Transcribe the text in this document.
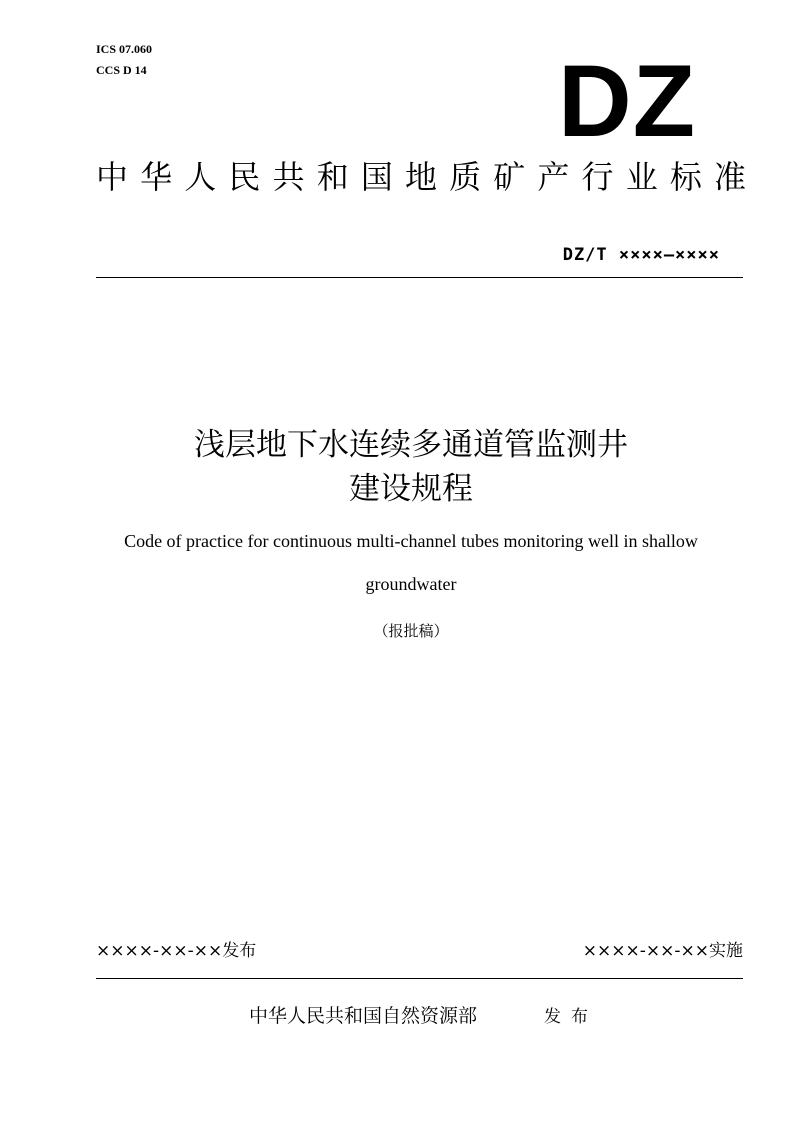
ICS 07.060
CCS D 14	DZ
中华人民共和国地质矿产行业标准
DZ/T ××××—××××
浅层地下水连续多通道管监测井
建设规程
Code of practice for continuous multi-channel tubes monitoring well in shallow
groundwater
（报批稿）
××××-××-××发布	××××-××-××实施
中华人民共和国自然资源部	发布
